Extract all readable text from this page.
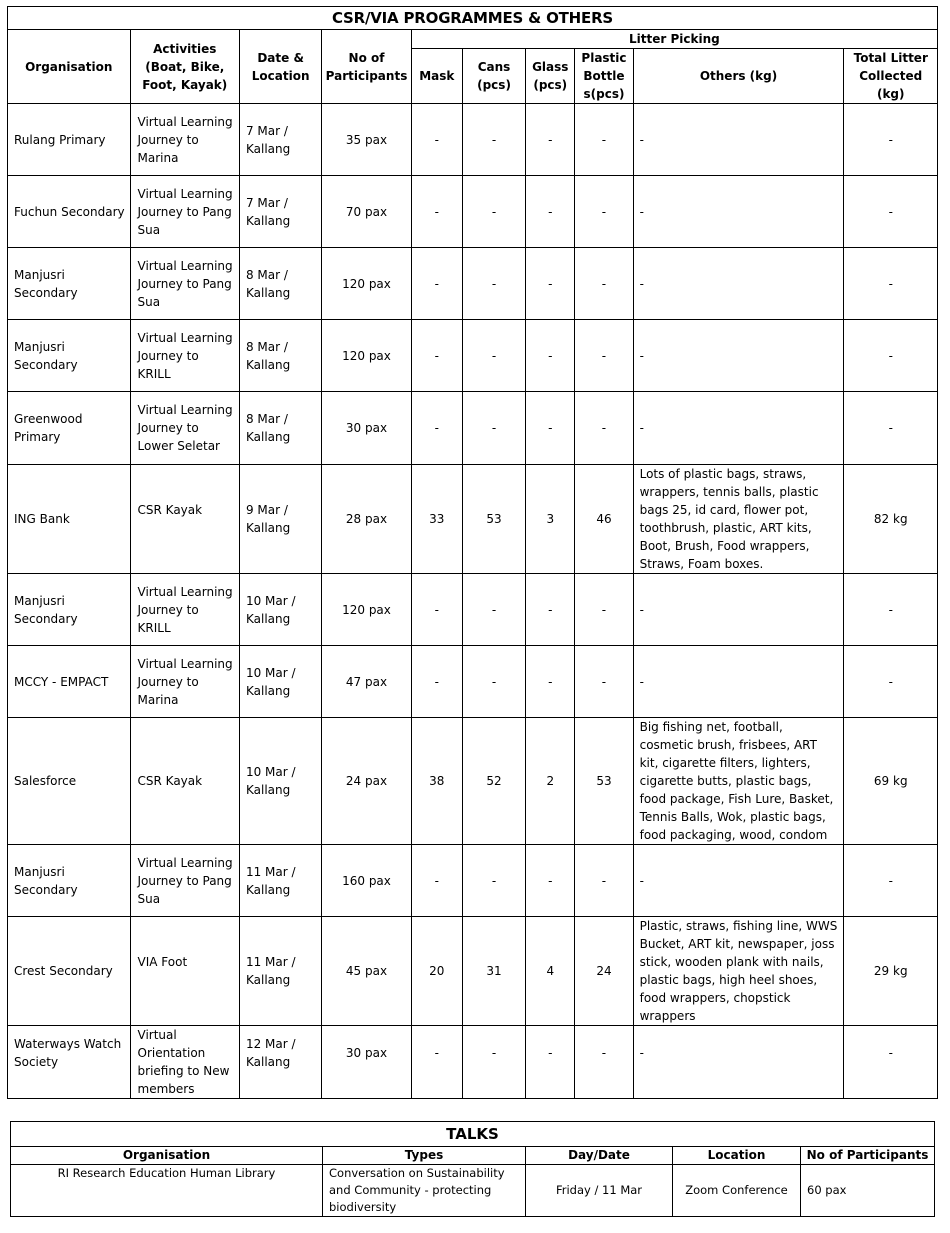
CSR/VIA PROGRAMMES & OTHERS									
Organisation	Activities (Boat, Bike, Foot, Kayak)	Date & Location	No of Participants	Litter Picking					
				Mask	Cans (pcs)	Glass (pcs)	Plastic Bottle s(pcs)	Others (kg)	Total Litter Collected (kg)
Rulang Primary	Virtual Learning Journey to Marina	7 Mar / Kallang	35 pax	-	-	-	-	-	-
Fuchun Secondary	Virtual Learning Journey to Pang Sua	7 Mar / Kallang	70 pax	-	-	-	-	-	-
Manjusri Secondary	Virtual Learning Journey to Pang Sua	8 Mar / Kallang	120 pax	-	-	-	-	-	-
Manjusri Secondary	Virtual Learning Journey to KRILL	8 Mar / Kallang	120 pax	-	-	-	-	-	-
Greenwood Primary	Virtual Learning Journey to Lower Seletar	8 Mar / Kallang	30 pax	-	-	-	-	-	-
ING Bank	CSR Kayak	9 Mar / Kallang	28 pax	33	53	3	46	Lots of plastic bags, straws, wrappers, tennis balls, plastic bags 25, id card, flower pot, toothbrush, plastic, ART kits, Boot, Brush, Food wrappers, Straws, Foam boxes.	82 kg
Manjusri Secondary	Virtual Learning Journey to KRILL	10 Mar / Kallang	120 pax	-	-	-	-	-	-
MCCY - EMPACT	Virtual Learning Journey to Marina	10 Mar / Kallang	47 pax	-	-	-	-	-	-
Salesforce	CSR Kayak	10 Mar / Kallang	24 pax	38	52	2	53	Big fishing net, football, cosmetic brush, frisbees, ART kit, cigarette filters, lighters, cigarette butts, plastic bags, food package, Fish Lure, Basket, Tennis Balls, Wok, plastic bags, food packaging, wood, condom	69 kg
Manjusri Secondary	Virtual Learning Journey to Pang Sua	11 Mar / Kallang	160 pax	-	-	-	-	-	-
Crest Secondary	VIA Foot	11 Mar / Kallang	45 pax	20	31	4	24	Plastic, straws, fishing line, WWS Bucket, ART kit, newspaper, joss stick, wooden plank with nails, plastic bags, high heel shoes, food wrappers, chopstick wrappers	29 kg

Waterways Watch Society	Virtual Orientation briefing to New members	12 Mar / Kallang	30 pax	-	-	-	-	-	-
TALKS				
Organisation	Types	Day/Date	Location	No of Participants
RI Research Education Human Library	Conversation on Sustainability and Community - protecting biodiversity	Friday / 11 Mar	Zoom Conference	60 pax
